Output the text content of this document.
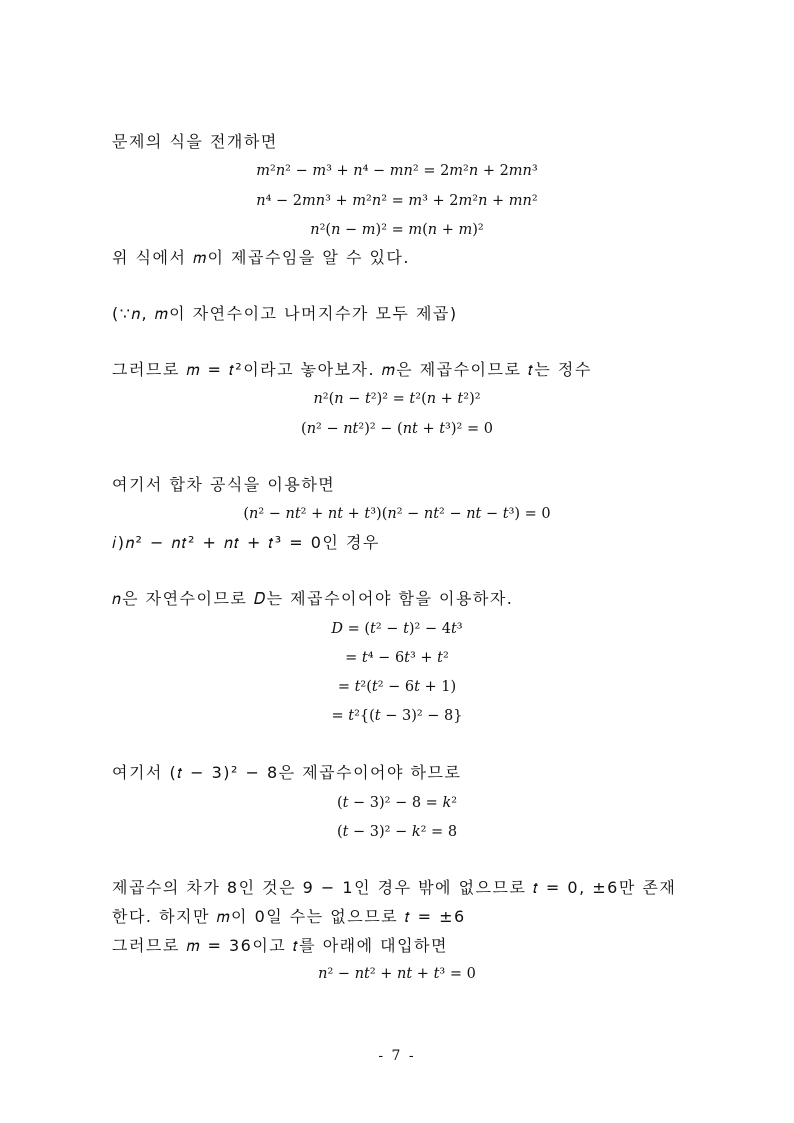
문제의 식을 전개하면
𝑚²𝑛² − 𝑚³ + 𝑛⁴ − 𝑚𝑛² = 2𝑚²𝑛 + 2𝑚𝑛³
𝑛⁴ − 2𝑚𝑛³ + 𝑚²𝑛² = 𝑚³ + 2𝑚²𝑛 + 𝑚𝑛²
𝑛²(𝑛 − 𝑚)² = 𝑚(𝑛 + 𝑚)²
위 식에서 𝑚이 제곱수임을 알 수 있다.
(∵𝑛, 𝑚이 자연수이고 나머지수가 모두 제곱)
그러므로 𝑚 = 𝑡²이라고 놓아보자. 𝑚은 제곱수이므로 𝑡는 정수
𝑛²(𝑛 − 𝑡²)² = 𝑡²(𝑛 + 𝑡²)²
(𝑛² − 𝑛𝑡²)² − (𝑛𝑡 + 𝑡³)² = 0
여기서 합차 공식을 이용하면
(𝑛² − 𝑛𝑡² + 𝑛𝑡 + 𝑡³)(𝑛² − 𝑛𝑡² − 𝑛𝑡 − 𝑡³) = 0
𝑖)𝑛² − 𝑛𝑡² + 𝑛𝑡 + 𝑡³ = 0인 경우
𝑛은 자연수이므로 𝐷는 제곱수이어야 함을 이용하자.
𝐷 = (𝑡² − 𝑡)² − 4𝑡³
= 𝑡⁴ − 6𝑡³ + 𝑡²
= 𝑡²(𝑡² − 6𝑡 + 1)
= 𝑡²{(𝑡 − 3)² − 8}
여기서 (𝑡 − 3)² − 8은 제곱수이어야 하므로
(𝑡 − 3)² − 8 = 𝑘²
(𝑡 − 3)² − 𝑘² = 8
제곱수의 차가 8인 것은 9 − 1인 경우 밖에 없으므로 𝑡 = 0, ±6만 존재
한다. 하지만 𝑚이 0일 수는 없으므로 𝑡 = ±6
그러므로 𝑚 = 36이고 𝑡를 아래에 대입하면
𝑛² − 𝑛𝑡² + 𝑛𝑡 + 𝑡³ = 0
- 7 -
